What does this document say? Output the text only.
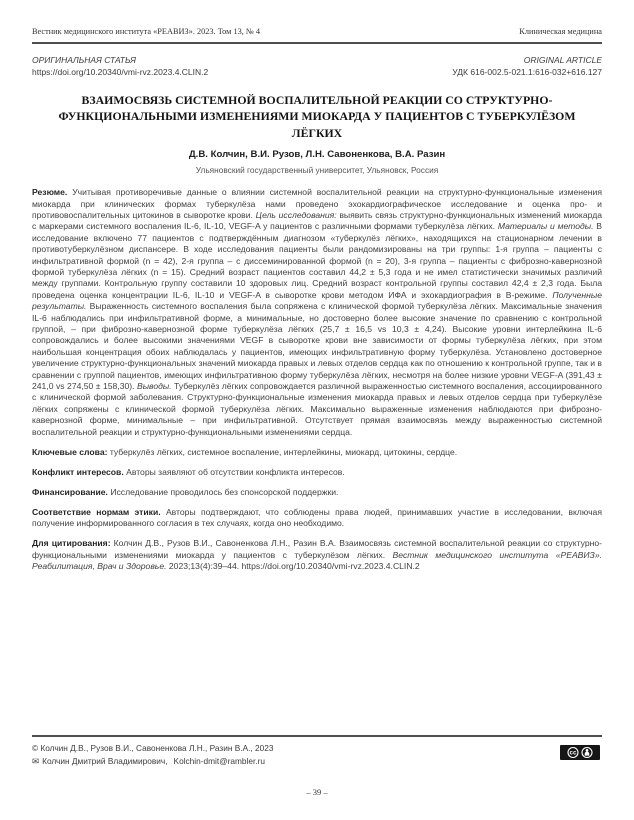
Вестник медицинского института «РЕАВИЗ». 2023. Том 13, № 4	Клиническая медицина
ОРИГИНАЛЬНАЯ СТАТЬЯ
https://doi.org/10.20340/vmi-rvz.2023.4.CLIN.2
ORIGINAL ARTICLE
УДК 616-002.5-021.1:616-032+616.127
ВЗАИМОСВЯЗЬ СИСТЕМНОЙ ВОСПАЛИТЕЛЬНОЙ РЕАКЦИИ СО СТРУКТУРНО-ФУНКЦИОНАЛЬНЫМИ ИЗМЕНЕНИЯМИ МИОКАРДА У ПАЦИЕНТОВ С ТУБЕРКУЛЁЗОМ ЛЁГКИХ
Д.В. Колчин, В.И. Рузов, Л.Н. Савоненкова, В.А. Разин
Ульяновский государственный университет, Ульяновск, Россия

Резюме. Учитывая противоречивые данные о влиянии системной воспалительной реакции на структурно-функциональные изменения миокарда при клинических формах туберкулёза нами проведено эхокардиографическое исследование и оценка про- и противовоспалительных цитокинов в сыворотке крови. Цель исследования: выявить связь структурно-функциональных изменений миокарда с маркерами системного воспаления IL-6, IL-10, VEGF-A у пациентов с различными формами туберкулёза лёгких. Материалы и методы. В исследование включено 77 пациентов с подтверждённым диагнозом «туберкулёз лёгких», находящихся на стационарном лечении в противотуберкулёзном диспансере. В ходе исследования пациенты были рандомизированы на три группы: 1-я группа – пациенты с инфильтративной формой (n = 42), 2-я группа – с диссеминированной формой (n = 20), 3-я группа – пациенты с фиброзно-кавернозной формой туберкулёза лёгких (n = 15). Средний возраст пациентов составил 44,2 ± 5,3 года и не имел статистически значимых различий между группами. Контрольную группу составили 10 здоровых лиц. Средний возраст контрольной группы составил 42,4 ± 2,3 года. Была проведена оценка концентрации IL-6, IL-10 и VEGF-A в сыворотке крови методом ИФА и эхокардиография в В-режиме. Полученные результаты. Выраженность системного воспаления была сопряжена с клинической формой туберкулёза лёгких. Максимальные значения IL-6 наблюдались при инфильтративной форме, а минимальные, но достоверно более высокие значение по сравнению с контрольной группой, – при фиброзно-кавернозной форме туберкулёза лёгких (25,7 ± 16,5 vs 10,3 ± 4,24). Высокие уровни интерлейкина IL-6 сопровождались и более высокими значениями VEGF в сыворотке крови вне зависимости от формы туберкулёза лёгких, при этом наибольшая концентрация обоих наблюдалась у пациентов, имеющих инфильтративную форму туберкулёза. Установлено достоверное увеличение структурно-функциональных значений миокарда правых и левых отделов сердца как по отношению к контрольной группе, так и в сравнении с группой пациентов, имеющих инфильтративною форму туберкулёза лёгких, несмотря на более низкие уровни VEGF-A (391,43 ± 241,0 vs 274,50 ± 158,30). Выводы. Туберкулёз лёгких сопровождается различной выраженностью системного воспаления, ассоциированного с клинической формой заболевания. Структурно-функциональные изменения миокарда правых и левых отделов сердца при туберкулёзе лёгких сопряжены с клинической формой туберкулёза лёгких. Максимально выраженные изменения наблюдаются при фиброзно-кавернозной форме, минимальные – при инфильтративной. Отсутствует прямая взаимосвязь между выраженностью системной воспалительной реакции и структурно-функциональными изменениями сердца.

Ключевые слова: туберкулёз лёгких, системное воспаление, интерлейкины, миокард, цитокины, сердце.

Конфликт интересов. Авторы заявляют об отсутствии конфликта интересов.

Финансирование. Исследование проводилось без спонсорской поддержки.

Соответствие нормам этики. Авторы подтверждают, что соблюдены права людей, принимавших участие в исследовании, включая получение информированного согласия в тех случаях, когда оно необходимо.

Для цитирования: Колчин Д.В., Рузов В.И., Савоненкова Л.Н., Разин В.А. Взаимосвязь системной воспалительной реакции со структурно-функциональными изменениями миокарда у пациентов с туберкулёзом лёгких. Вестник медицинского института «РЕАВИЗ». Реабилитация, Врач и Здоровье. 2023;13(4):39–44. https://doi.org/10.20340/vmi-rvz.2023.4.CLIN.2

© Колчин Д.В., Рузов В.И., Савоненкова Л.Н., Разин В.А., 2023
✉ Колчин Дмитрий Владимирович, Kolchin-dmit@rambler.ru
cc
– 39 –
